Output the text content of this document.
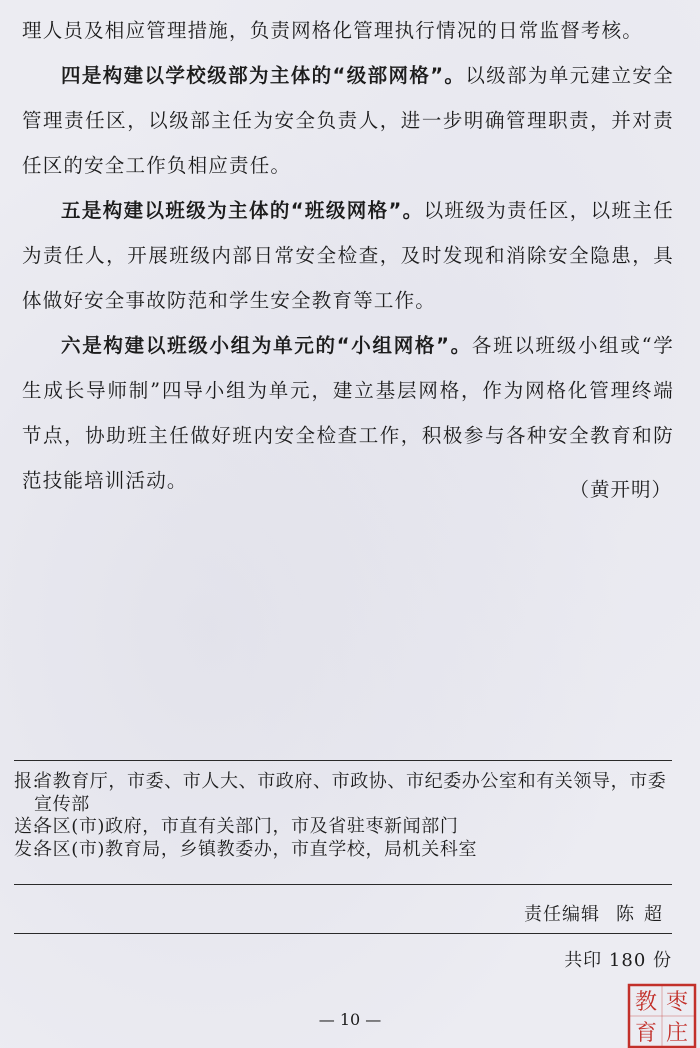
理人员及相应管理措施，负责网格化管理执行情况的日常监督考核。

四是构建以学校级部为主体的“级部网格”。以级部为单元建立安全管理责任区，以级部主任为安全负责人，进一步明确管理职责，并对责任区的安全工作负相应责任。

五是构建以班级为主体的“班级网格”。以班级为责任区，以班主任为责任人，开展班级内部日常安全检查，及时发现和消除安全隐患，具体做好安全事故防范和学生安全教育等工作。

六是构建以班级小组为单元的“小组网格”。各班以班级小组或“学生成长导师制”四导小组为单元，建立基层网格，作为网格化管理终端节点，协助班主任做好班内安全检查工作，积极参与各种安全教育和防范技能培训活动。	（黄开明）
报:
省教育厅，市委、市人大、市政府、市政协、市纪委办公室和有关领导，市委宣传部
送:
各区(市)政府，市直有关部门，市及省驻枣新闻部门
发:
各区(市)教育局，乡镇教委办，市直学校，局机关科室
责任编辑 陈超
共印 180 份
— 10 —
枣
庄
教
育
